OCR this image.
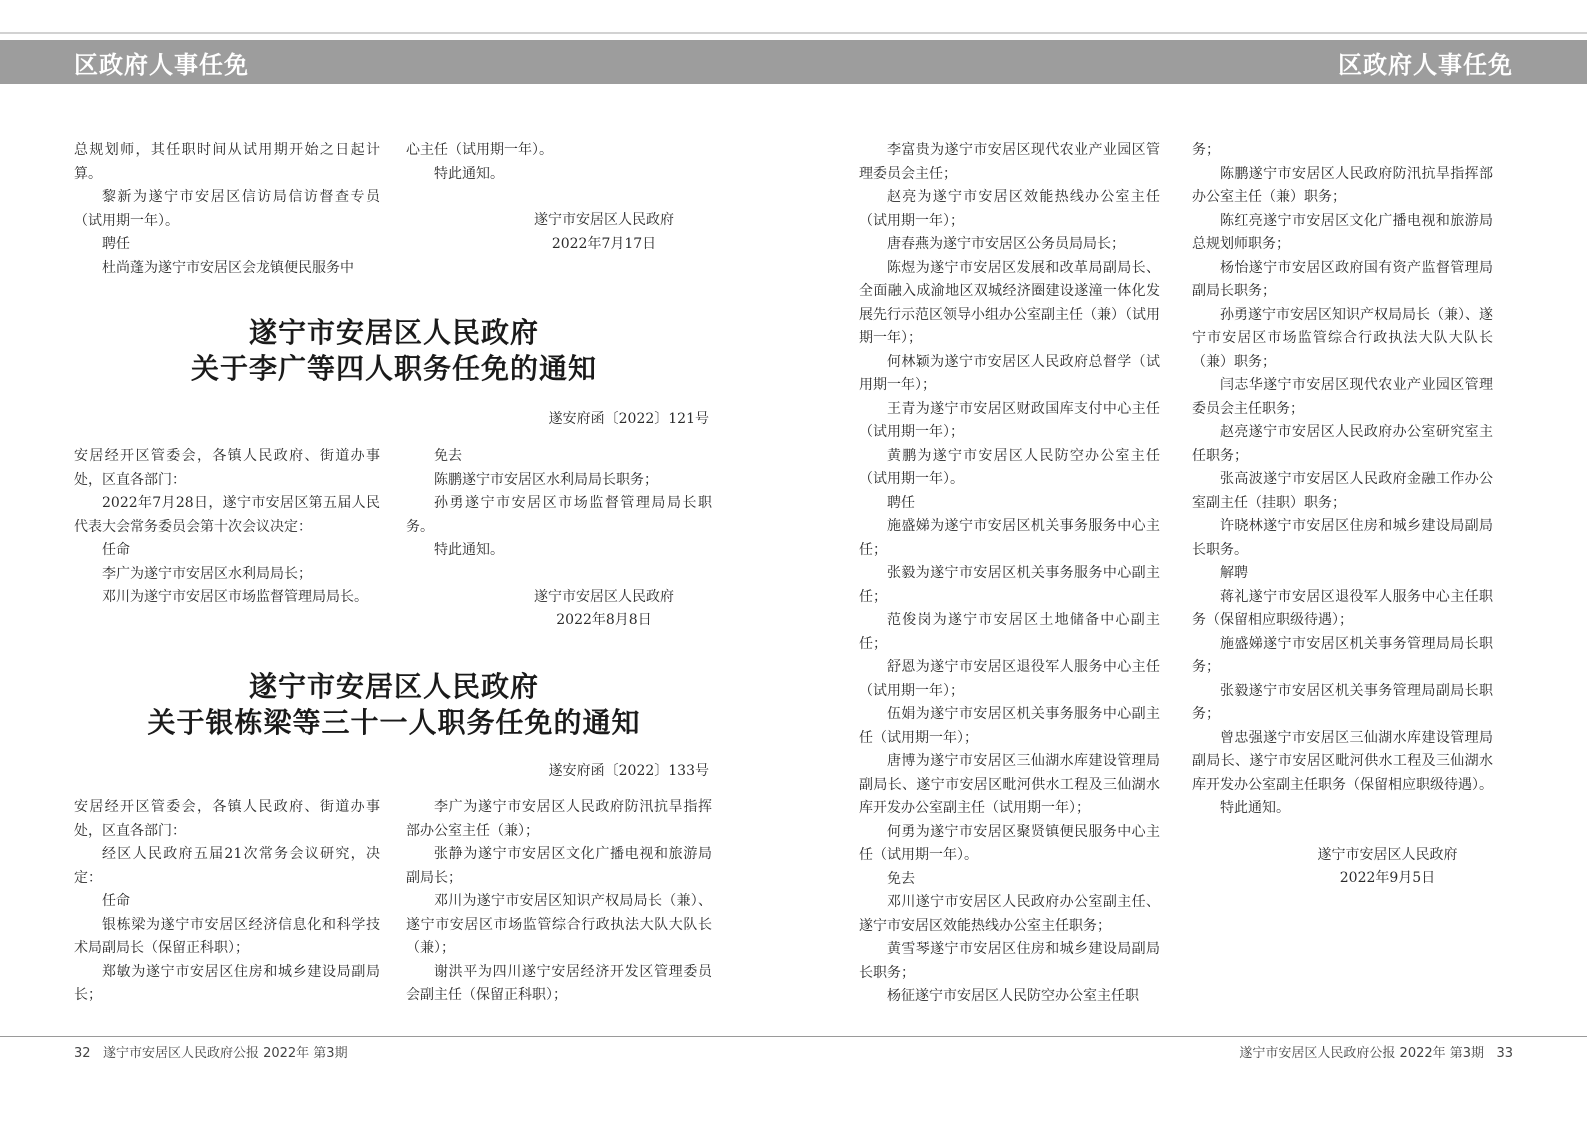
区政府人事任免	区政府人事任免

总规划师，其任职时间从试用期开始之日起计算。

黎新为遂宁市安居区信访局信访督查专员（试用期一年）。

聘任

杜尚蓬为遂宁市安居区会龙镇便民服务中

心主任（试用期一年）。

特此通知。

遂宁市安居区人民政府

2022年7月17日

遂宁市安居区人民政府
关于李广等四人职务任免的通知
遂安府函〔2022〕121号

安居经开区管委会，各镇人民政府、街道办事处，区直各部门：

2022年7月28日，遂宁市安居区第五届人民代表大会常务委员会第十次会议决定：

任命

李广为遂宁市安居区水利局局长；

邓川为遂宁市安居区市场监督管理局局长。

免去

陈鹏遂宁市安居区水利局局长职务；

孙勇遂宁市安居区市场监督管理局局长职务。

特此通知。

遂宁市安居区人民政府

2022年8月8日

遂宁市安居区人民政府
关于银栋梁等三十一人职务任免的通知
遂安府函〔2022〕133号

安居经开区管委会，各镇人民政府、街道办事处，区直各部门：

经区人民政府五届21次常务会议研究，决定：

任命

银栋梁为遂宁市安居区经济信息化和科学技术局副局长（保留正科职）；

郑敏为遂宁市安居区住房和城乡建设局副局长；

李广为遂宁市安居区人民政府防汛抗旱指挥部办公室主任（兼）；

张静为遂宁市安居区文化广播电视和旅游局副局长；

邓川为遂宁市安居区知识产权局局长（兼）、遂宁市安居区市场监管综合行政执法大队大队长（兼）；

谢洪平为四川遂宁安居经济开发区管理委员会副主任（保留正科职）；

李富贵为遂宁市安居区现代农业产业园区管理委员会主任；

赵亮为遂宁市安居区效能热线办公室主任（试用期一年）；

唐春燕为遂宁市安居区公务员局局长；

陈煜为遂宁市安居区发展和改革局副局长、全面融入成渝地区双城经济圈建设遂潼一体化发展先行示范区领导小组办公室副主任（兼）（试用期一年）；

何林颖为遂宁市安居区人民政府总督学（试用期一年）；

王青为遂宁市安居区财政国库支付中心主任（试用期一年）；

黄鹏为遂宁市安居区人民防空办公室主任（试用期一年）。

聘任

施盛娣为遂宁市安居区机关事务服务中心主任；

张毅为遂宁市安居区机关事务服务中心副主任；

范俊岗为遂宁市安居区土地储备中心副主任；

舒恩为遂宁市安居区退役军人服务中心主任（试用期一年）；

伍娟为遂宁市安居区机关事务服务中心副主任（试用期一年）；

唐博为遂宁市安居区三仙湖水库建设管理局副局长、遂宁市安居区毗河供水工程及三仙湖水库开发办公室副主任（试用期一年）；

何勇为遂宁市安居区聚贤镇便民服务中心主任（试用期一年）。

免去

邓川遂宁市安居区人民政府办公室副主任、遂宁市安居区效能热线办公室主任职务；

黄雪琴遂宁市安居区住房和城乡建设局副局长职务；

杨征遂宁市安居区人民防空办公室主任职

务；

陈鹏遂宁市安居区人民政府防汛抗旱指挥部办公室主任（兼）职务；

陈红亮遂宁市安居区文化广播电视和旅游局总规划师职务；

杨怡遂宁市安居区政府国有资产监督管理局副局长职务；

孙勇遂宁市安居区知识产权局局长（兼）、遂宁市安居区市场监管综合行政执法大队大队长（兼）职务；

闫志华遂宁市安居区现代农业产业园区管理委员会主任职务；

赵亮遂宁市安居区人民政府办公室研究室主任职务；

张高波遂宁市安居区人民政府金融工作办公室副主任（挂职）职务；

许晓林遂宁市安居区住房和城乡建设局副局长职务。

解聘

蒋礼遂宁市安居区退役军人服务中心主任职务（保留相应职级待遇）；

施盛娣遂宁市安居区机关事务管理局局长职务；

张毅遂宁市安居区机关事务管理局副局长职务；

曾忠强遂宁市安居区三仙湖水库建设管理局副局长、遂宁市安居区毗河供水工程及三仙湖水库开发办公室副主任职务（保留相应职级待遇）。

特此通知。

遂宁市安居区人民政府

2022年9月5日

32 遂宁市安居区人民政府公报 2022年 第3期	遂宁市安居区人民政府公报 2022年 第3期 33
